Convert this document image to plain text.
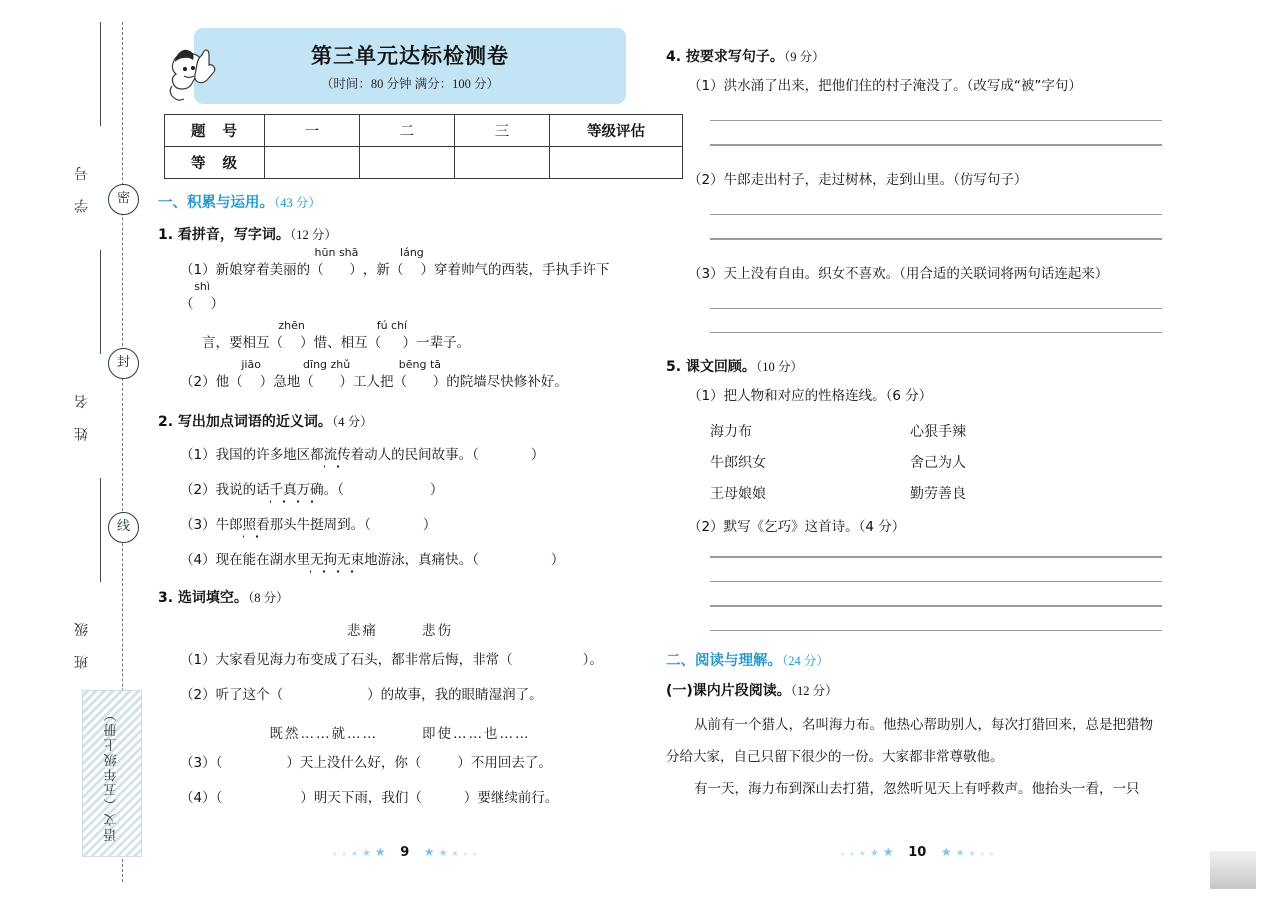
学 号
姓 名
班 级
密
封
线
语文（五年级上册）
第三单元达标检测卷
（时间：80 分钟 满分：100 分）
题 号	一	二	三	等级评估
等 级				
一、积累与运用。（43 分）
1. 看拼音，写字词。（12 分）
（1）新娘穿着美丽的
hūn shā
（      ），新
láng
（    ）穿着帅气的西装，手执手许下
shì
（    ）
言，要相互
zhēn
（    ）惜、相互
fú chí
（     ）一辈子。
（2）他
jiāo
（    ）急地
dīng zhǔ
（      ）工人把
bēng tā
（      ）的院墙尽快修补好。
2. 写出加点词语的近义词。（4 分）
（1）我国的许多地区都流传着动人的民间故事。（	）
（2）我说的话千真万确。（	）
（3）牛郎照看那头牛挺周到。（	）
（4）现在能在湖水里无拘无束地游泳，真痛快。（	）
3. 选词填空。（8 分）
悲痛	悲伤
（1）大家看见海力布变成了石头，都非常后悔，非常（	）。
（2）听了这个（	）的故事，我的眼睛湿润了。
既然……就……	即使……也……
（3）（	）天上没什么好，你（	）不用回去了。
（4）（	）明天下雨，我们（	）要继续前行。
4. 按要求写句子。（9 分）
（1）洪水涌了出来，把他们住的村子淹没了。（改写成“被”字句）
（2）牛郎走出村子，走过树林，走到山里。（仿写句子）
（3）天上没有自由。织女不喜欢。（用合适的关联词将两句话连起来）
5. 课文回顾。（10 分）
（1）把人物和对应的性格连线。（6 分）
海力布	心狠手辣
牛郎织女	舍己为人
王母娘娘	勤劳善良
（2）默写《乞巧》这首诗。（4 分）
二、阅读与理解。（24 分）
(一)课内片段阅读。（12 分）
从前有一个猎人，名叫海力布。他热心帮助别人，每次打猎回来，总是把猎物分给大家，自己只留下很少的一份。大家都非常尊敬他。
有一天，海力布到深山去打猎，忽然听见天上有呼救声。他抬头一看，一只
★ ★ ★ ★ ★ 9 ★ ★ ★ ★ ★	★ ★ ★ ★ ★ 10 ★ ★ ★ ★ ★
